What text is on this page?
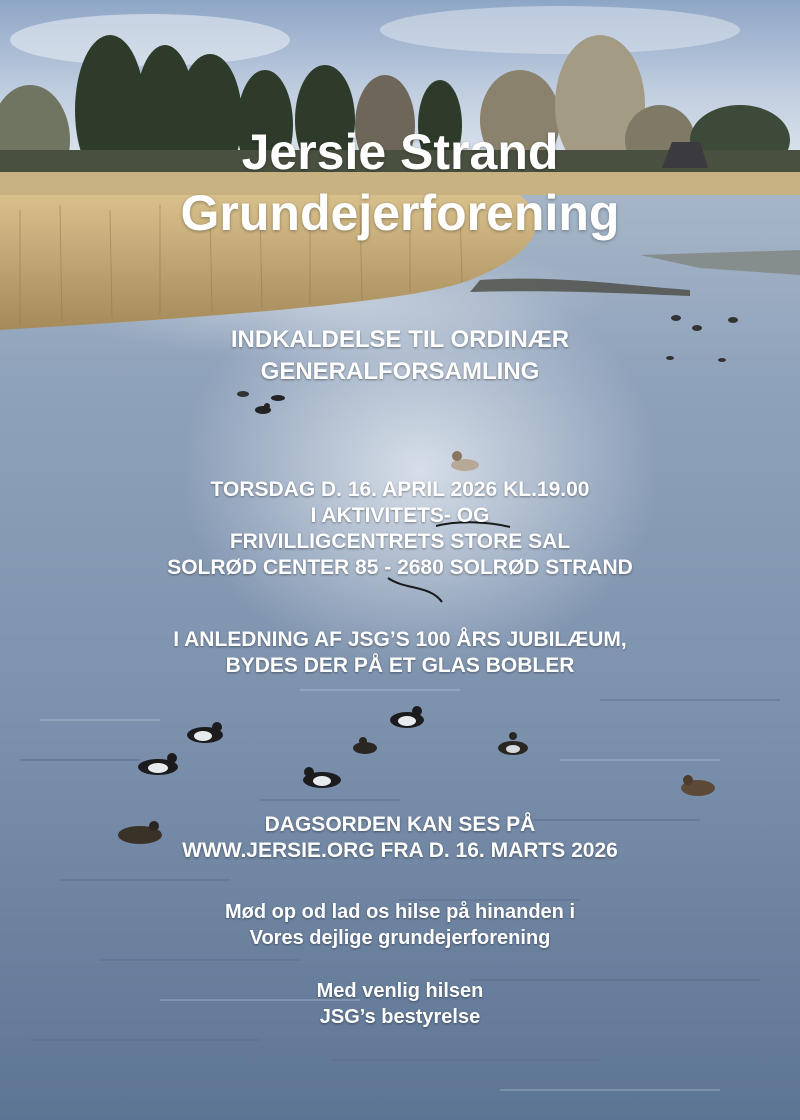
Jersie Strand
Grundejerforening
INDKALDELSE TIL ORDINÆR
GENERALFORSAMLING
TORSDAG D. 16. APRIL 2026 KL.19.00
I AKTIVITETS- OG
FRIVILLIGCENTRETS STORE SAL
SOLRØD CENTER 85 - 2680 SOLRØD STRAND
I ANLEDNING AF JSG’S 100 ÅRS JUBILÆUM,
BYDES DER PÅ ET GLAS BOBLER
DAGSORDEN KAN SES PÅ
WWW.JERSIE.ORG FRA D. 16. MARTS 2026
Mød op od lad os hilse på hinanden i
Vores dejlige grundejerforening
Med venlig hilsen
JSG’s bestyrelse
